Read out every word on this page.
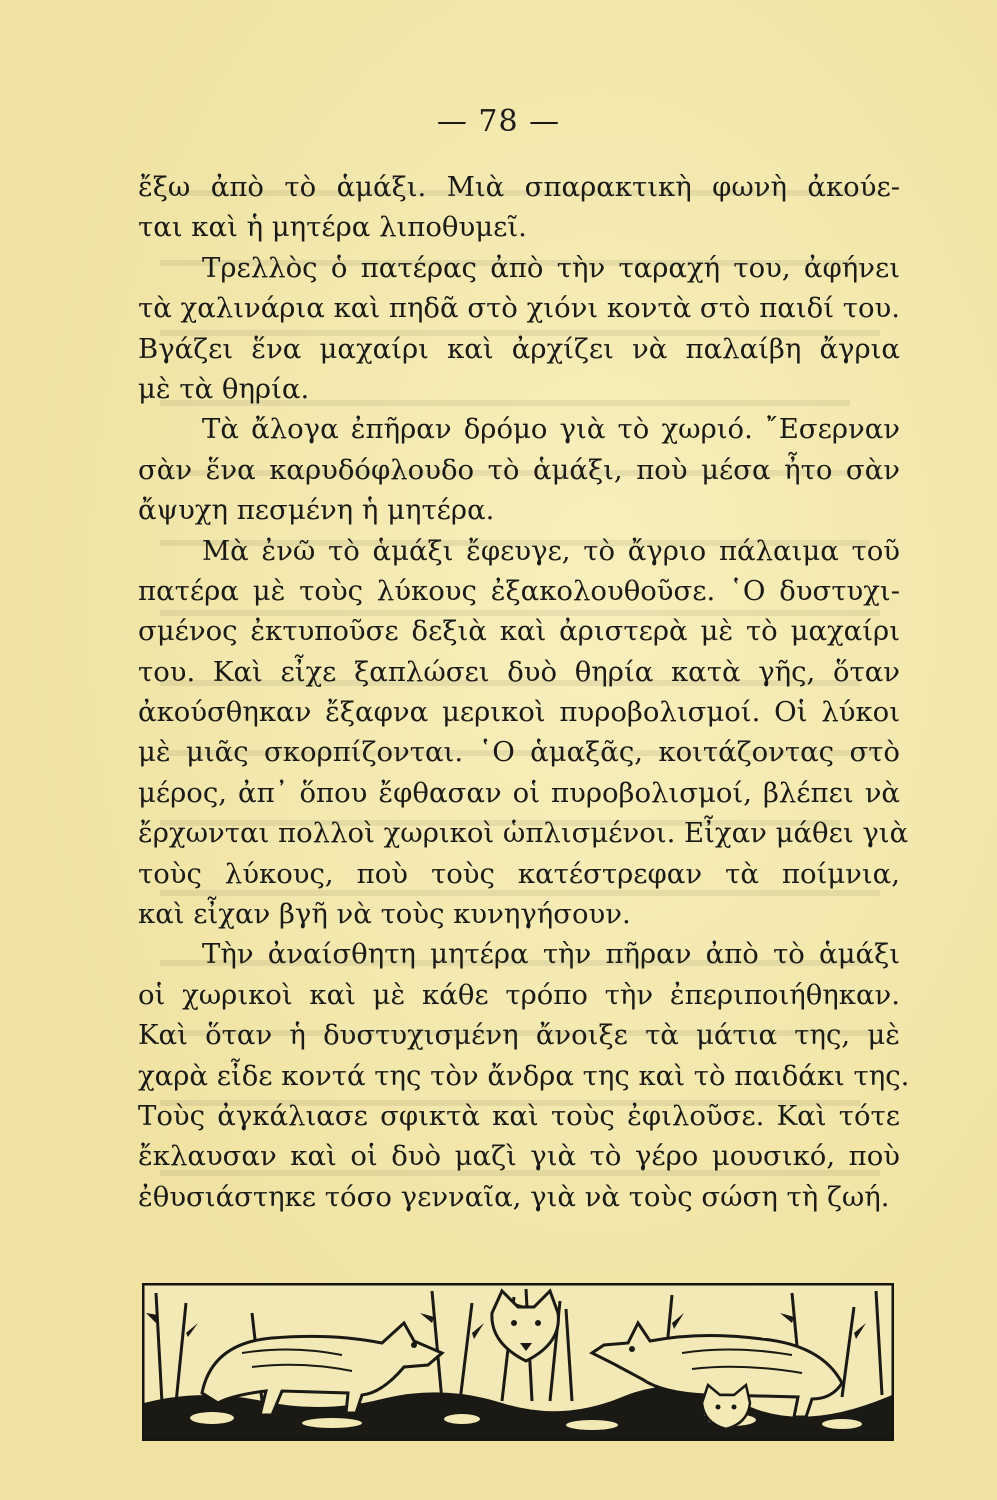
— 78 —
ἔξω ἀπὸ τὸ ἁμάξι. Μιὰ σπαρακτικὴ φωνὴ ἀκούε-
ται καὶ ἡ μητέρα λιποθυμεῖ.
Τρελλὸς ὁ πατέρας ἀπὸ τὴν ταραχή του, ἀφήνει
τὰ χαλινάρια καὶ πηδᾶ στὸ χιόνι κοντὰ στὸ παιδί του.
Βγάζει ἕνα μαχαίρι καὶ ἀρχίζει νὰ παλαίβη ἄγρια
μὲ τὰ θηρία.
Τὰ ἄλογα ἐπῆραν δρόμο γιὰ τὸ χωριό. ῎Εσερναν
σὰν ἕνα καρυδόφλουδο τὸ ἁμάξι, ποὺ μέσα ἦτο σὰν
ἄψυχη πεσμένη ἡ μητέρα.
Μὰ ἐνῶ τὸ ἁμάξι ἔφευγε, τὸ ἄγριο πάλαιμα τοῦ
πατέρα μὲ τοὺς λύκους ἐξακολουθοῦσε. ῾Ο δυστυχι-
σμένος ἐκτυποῦσε δεξιὰ καὶ ἀριστερὰ μὲ τὸ μαχαίρι
του. Καὶ εἶχε ξαπλώσει δυὸ θηρία κατὰ γῆς, ὅταν
ἀκούσθηκαν ἔξαφνα μερικοὶ πυροβολισμοί. Οἱ λύκοι
μὲ μιᾶς σκορπίζονται. ῾Ο ἁμαξᾶς, κοιτάζοντας στὸ
μέρος, ἀπ᾽ ὅπου ἔφθασαν οἱ πυροβολισμοί, βλέπει νὰ
ἔρχωνται πολλοὶ χωρικοὶ ὡπλισμένοι. Εἶχαν μάθει γιὰ
τοὺς λύκους, ποὺ τοὺς κατέστρεφαν τὰ ποίμνια,
καὶ εἶχαν βγῆ νὰ τοὺς κυνηγήσουν.
Τὴν ἀναίσθητη μητέρα τὴν πῆραν ἀπὸ τὸ ἁμάξι
οἱ χωρικοὶ καὶ μὲ κάθε τρόπο τὴν ἐπεριποιήθηκαν.
Καὶ ὅταν ἡ δυστυχισμένη ἄνοιξε τὰ μάτια της, μὲ
χαρὰ εἶδε κοντά της τὸν ἄνδρα της καὶ τὸ παιδάκι της.
Τοὺς ἀγκάλιασε σφικτὰ καὶ τοὺς ἐφιλοῦσε. Καὶ τότε
ἔκλαυσαν καὶ οἱ δυὸ μαζὶ γιὰ τὸ γέρο μουσικό, ποὺ
ἐθυσιάστηκε τόσο γενναῖα, γιὰ νὰ τοὺς σώση τὴ ζωή.
